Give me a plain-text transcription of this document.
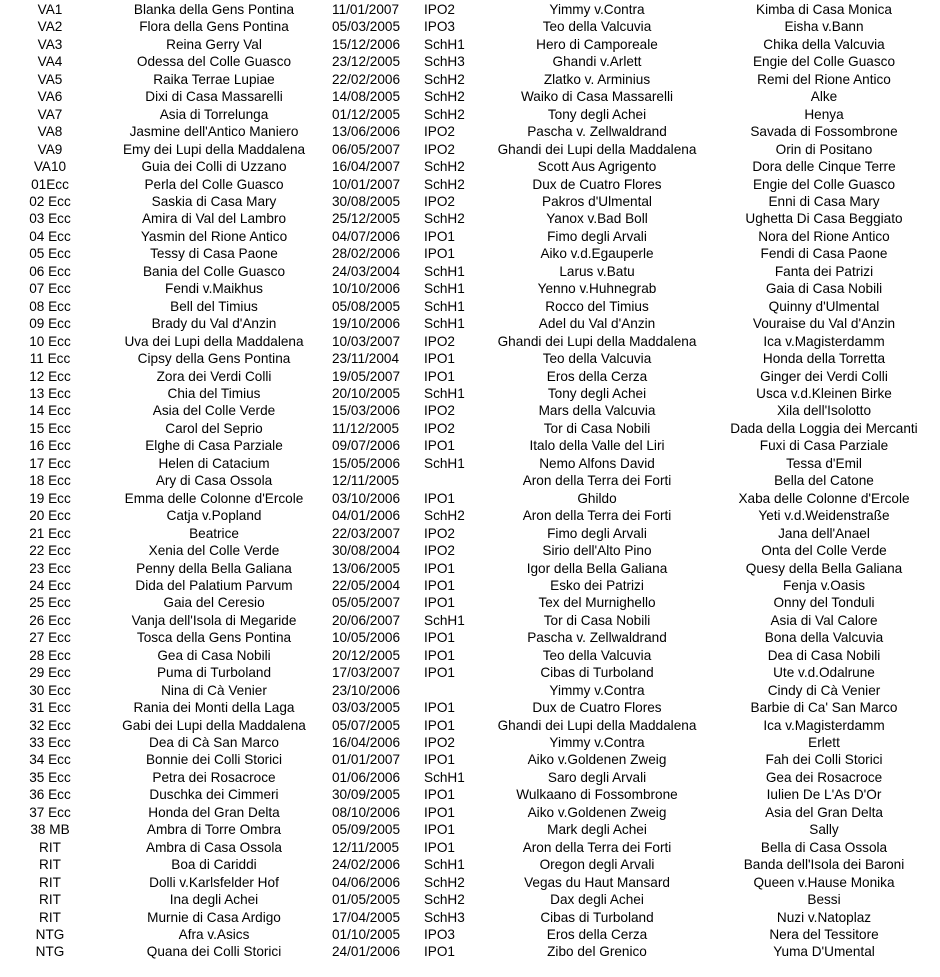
VA1	Blanka della Gens Pontina	11/01/2007	IPO2	Yimmy v.Contra	Kimba di Casa Monica
VA2	Flora della Gens Pontina	05/03/2005	IPO3	Teo della Valcuvia	Eisha v.Bann
VA3	Reina Gerry Val	15/12/2006	SchH1	Hero di Camporeale	Chika della Valcuvia
VA4	Odessa del Colle Guasco	23/12/2005	SchH3	Ghandi v.Arlett	Engie del Colle Guasco
VA5	Raika Terrae Lupiae	22/02/2006	SchH2	Zlatko v. Arminius	Remi del Rione Antico
VA6	Dixi di Casa Massarelli	14/08/2005	SchH2	Waiko di Casa Massarelli	Alke
VA7	Asia di Torrelunga	01/12/2005	SchH2	Tony degli Achei	Henya
VA8	Jasmine dell'Antico Maniero	13/06/2006	IPO2	Pascha v. Zellwaldrand	Savada di Fossombrone
VA9	Emy dei Lupi della Maddalena	06/05/2007	IPO2	Ghandi dei Lupi della Maddalena	Orin di Positano
VA10	Guia dei Colli di Uzzano	16/04/2007	SchH2	Scott Aus Agrigento	Dora delle Cinque Terre
01Ecc	Perla del Colle Guasco	10/01/2007	SchH2	Dux de Cuatro Flores	Engie del Colle Guasco
02 Ecc	Saskia di Casa Mary	30/08/2005	IPO2	Pakros d'Ulmental	Enni di Casa Mary
03 Ecc	Amira di Val del Lambro	25/12/2005	SchH2	Yanox v.Bad Boll	Ughetta Di Casa Beggiato
04 Ecc	Yasmin del Rione Antico	04/07/2006	IPO1	Fimo degli Arvali	Nora del Rione Antico
05 Ecc	Tessy di Casa Paone	28/02/2006	IPO1	Aiko v.d.Egauperle	Fendi di Casa Paone
06 Ecc	Bania del Colle Guasco	24/03/2004	SchH1	Larus v.Batu	Fanta dei Patrizi
07 Ecc	Fendi v.Maikhus	10/10/2006	SchH1	Yenno v.Huhnegrab	Gaia di Casa Nobili
08 Ecc	Bell del Timius	05/08/2005	SchH1	Rocco del Timius	Quinny d'Ulmental
09 Ecc	Brady du Val d'Anzin	19/10/2006	SchH1	Adel du Val d'Anzin	Vouraise du Val d'Anzin
10 Ecc	Uva dei Lupi della Maddalena	10/03/2007	IPO2	Ghandi dei Lupi della Maddalena	Ica v.Magisterdamm
11 Ecc	Cipsy della Gens Pontina	23/11/2004	IPO1	Teo della Valcuvia	Honda della Torretta
12 Ecc	Zora dei Verdi Colli	19/05/2007	IPO1	Eros della Cerza	Ginger dei Verdi Colli
13 Ecc	Chia del Timius	20/10/2005	SchH1	Tony degli Achei	Usca v.d.Kleinen Birke
14 Ecc	Asia del Colle Verde	15/03/2006	IPO2	Mars della Valcuvia	Xila dell'Isolotto
15 Ecc	Carol del Seprio	11/12/2005	IPO2	Tor di Casa Nobili	Dada della Loggia dei Mercanti
16 Ecc	Elghe di Casa Parziale	09/07/2006	IPO1	Italo della Valle del Liri	Fuxi di Casa Parziale
17 Ecc	Helen di Catacium	15/05/2006	SchH1	Nemo Alfons David	Tessa d'Emil
18 Ecc	Ary di Casa Ossola	12/11/2005		Aron della Terra dei Forti	Bella del Catone
19 Ecc	Emma delle Colonne d'Ercole	03/10/2006	IPO1	Ghildo	Xaba delle Colonne d'Ercole
20 Ecc	Catja v.Popland	04/01/2006	SchH2	Aron della Terra dei Forti	Yeti v.d.Weidenstraße
21 Ecc	Beatrice	22/03/2007	IPO2	Fimo degli Arvali	Jana dell'Anael
22 Ecc	Xenia del Colle Verde	30/08/2004	IPO2	Sirio dell'Alto Pino	Onta del Colle Verde
23 Ecc	Penny della Bella Galiana	13/06/2005	IPO1	Igor della Bella Galiana	Quesy della Bella Galiana
24 Ecc	Dida del Palatium Parvum	22/05/2004	IPO1	Esko dei Patrizi	Fenja v.Oasis
25 Ecc	Gaia del Ceresio	05/05/2007	IPO1	Tex del Murnighello	Onny del Tonduli
26 Ecc	Vanja dell'Isola di Megaride	20/06/2007	SchH1	Tor di Casa Nobili	Asia di Val Calore
27 Ecc	Tosca della Gens Pontina	10/05/2006	IPO1	Pascha v. Zellwaldrand	Bona della Valcuvia
28 Ecc	Gea di Casa Nobili	20/12/2005	IPO1	Teo della Valcuvia	Dea di Casa Nobili
29 Ecc	Puma di Turboland	17/03/2007	IPO1	Cibas di Turboland	Ute v.d.Odalrune
30 Ecc	Nina di Cà Venier	23/10/2006		Yimmy v.Contra	Cindy di Cà Venier
31 Ecc	Rania dei Monti della Laga	03/03/2005	IPO1	Dux de Cuatro Flores	Barbie di Ca' San Marco
32 Ecc	Gabi dei Lupi della Maddalena	05/07/2005	IPO1	Ghandi dei Lupi della Maddalena	Ica v.Magisterdamm
33 Ecc	Dea di Cà San Marco	16/04/2006	IPO2	Yimmy v.Contra	Erlett
34 Ecc	Bonnie dei Colli Storici	01/01/2007	IPO1	Aiko v.Goldenen Zweig	Fah dei Colli Storici
35 Ecc	Petra dei Rosacroce	01/06/2006	SchH1	Saro degli Arvali	Gea dei Rosacroce
36 Ecc	Duschka dei Cimmeri	30/09/2005	IPO1	Wulkaano di Fossombrone	Iulien De L'As D'Or
37 Ecc	Honda del Gran Delta	08/10/2006	IPO1	Aiko v.Goldenen Zweig	Asia del Gran Delta
38 MB	Ambra di Torre Ombra	05/09/2005	IPO1	Mark degli Achei	Sally
RIT	Ambra di Casa Ossola	12/11/2005	IPO1	Aron della Terra dei Forti	Bella di Casa Ossola
RIT	Boa di Cariddi	24/02/2006	SchH1	Oregon degli Arvali	Banda dell'Isola dei Baroni
RIT	Dolli v.Karlsfelder Hof	04/06/2006	SchH2	Vegas du Haut Mansard	Queen v.Hause Monika
RIT	Ina degli Achei	01/05/2005	SchH2	Dax degli Achei	Bessi
RIT	Murnie di Casa Ardigo	17/04/2005	SchH3	Cibas di Turboland	Nuzi v.Natoplaz
NTG	Afra v.Asics	01/10/2005	IPO3	Eros della Cerza	Nera del Tessitore
NTG	Quana dei Colli Storici	24/01/2006	IPO1	Zibo del Grenico	Yuma D'Umental
